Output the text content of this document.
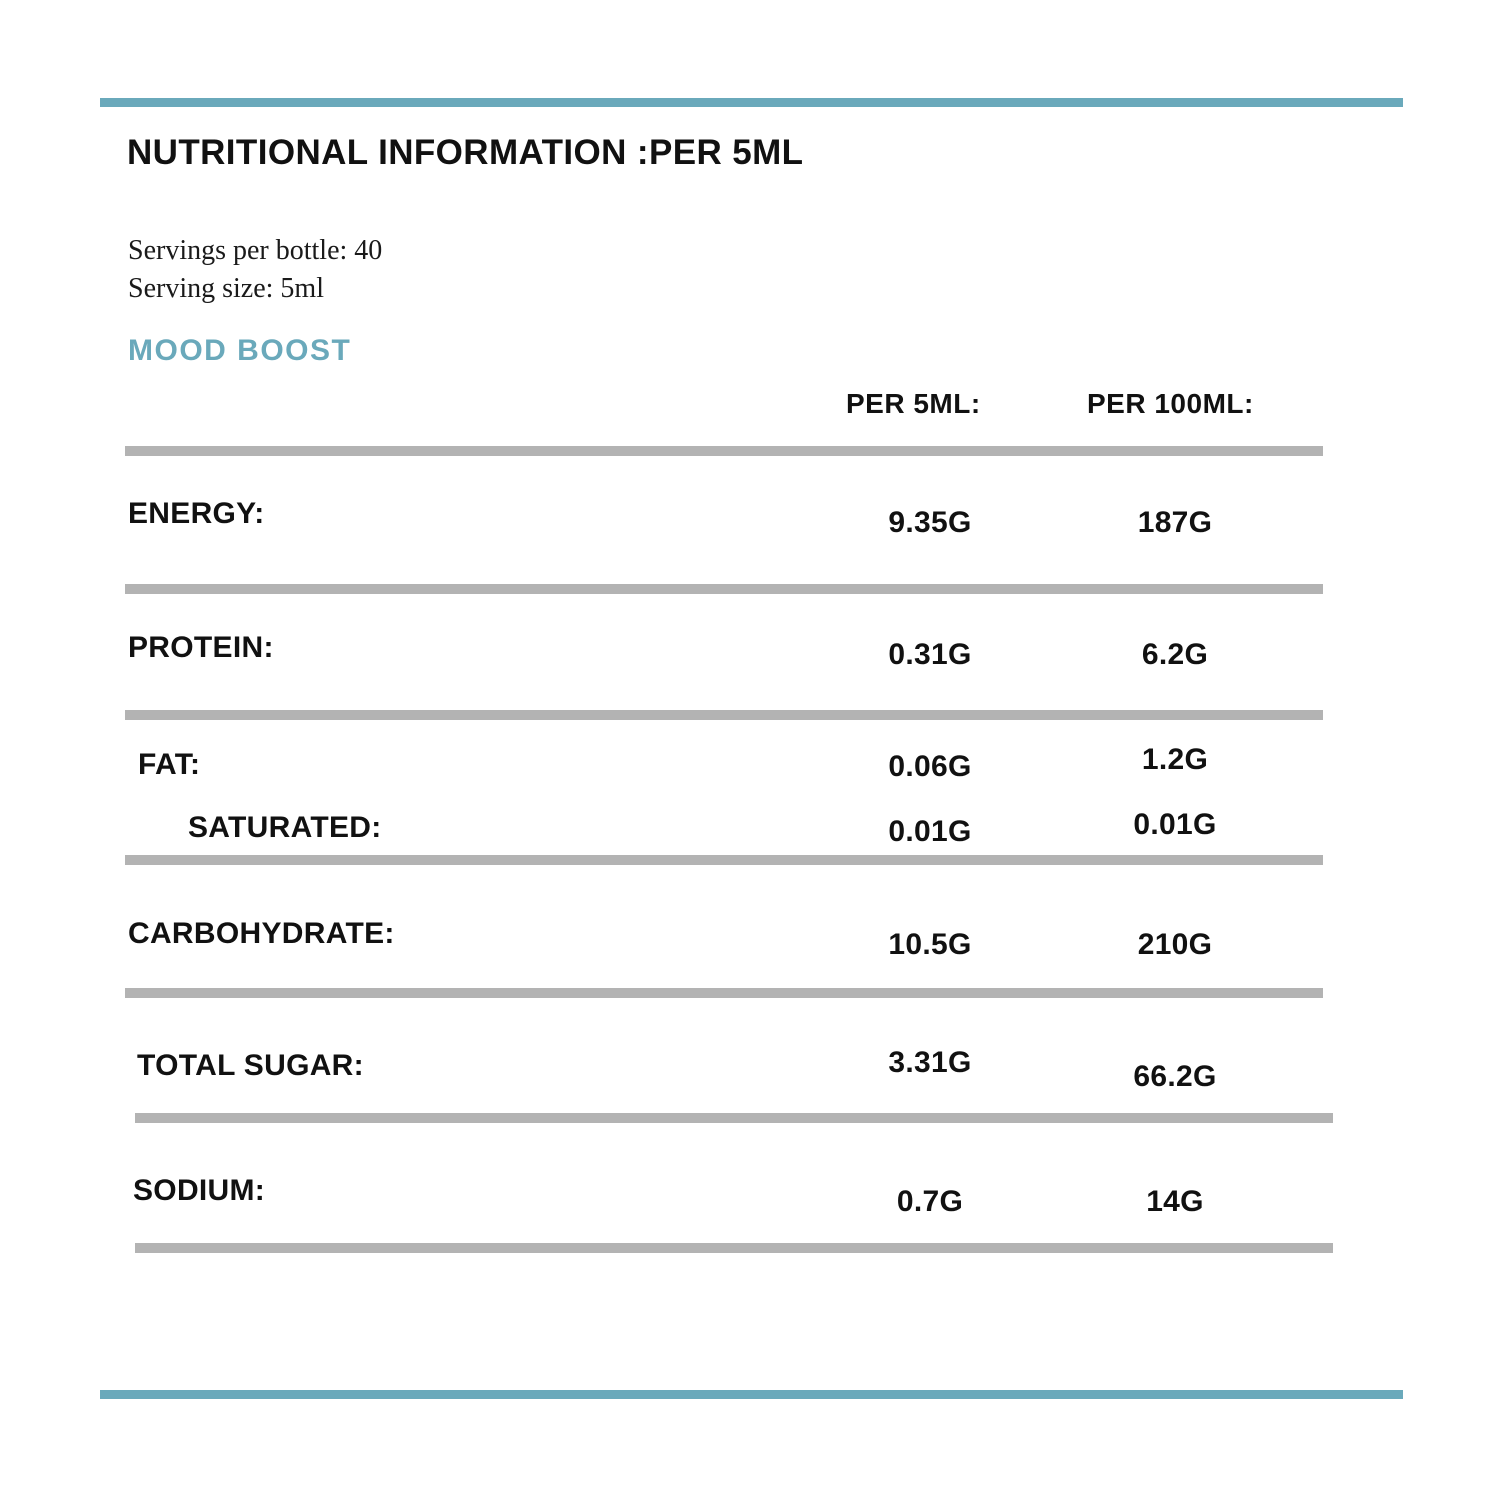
NUTRITIONAL INFORMATION :PER 5ML
Servings per bottle: 40
Serving size: 5ml
MOOD BOOST
PER 5ML:	PER 100ML:
ENERGY:	9.35G	187G
PROTEIN:	0.31G	6.2G
FAT:	0.06G	1.2G
SATURATED:	0.01G	0.01G
CARBOHYDRATE:	10.5G	210G
TOTAL SUGAR:	3.31G	66.2G
SODIUM:	0.7G	14G
